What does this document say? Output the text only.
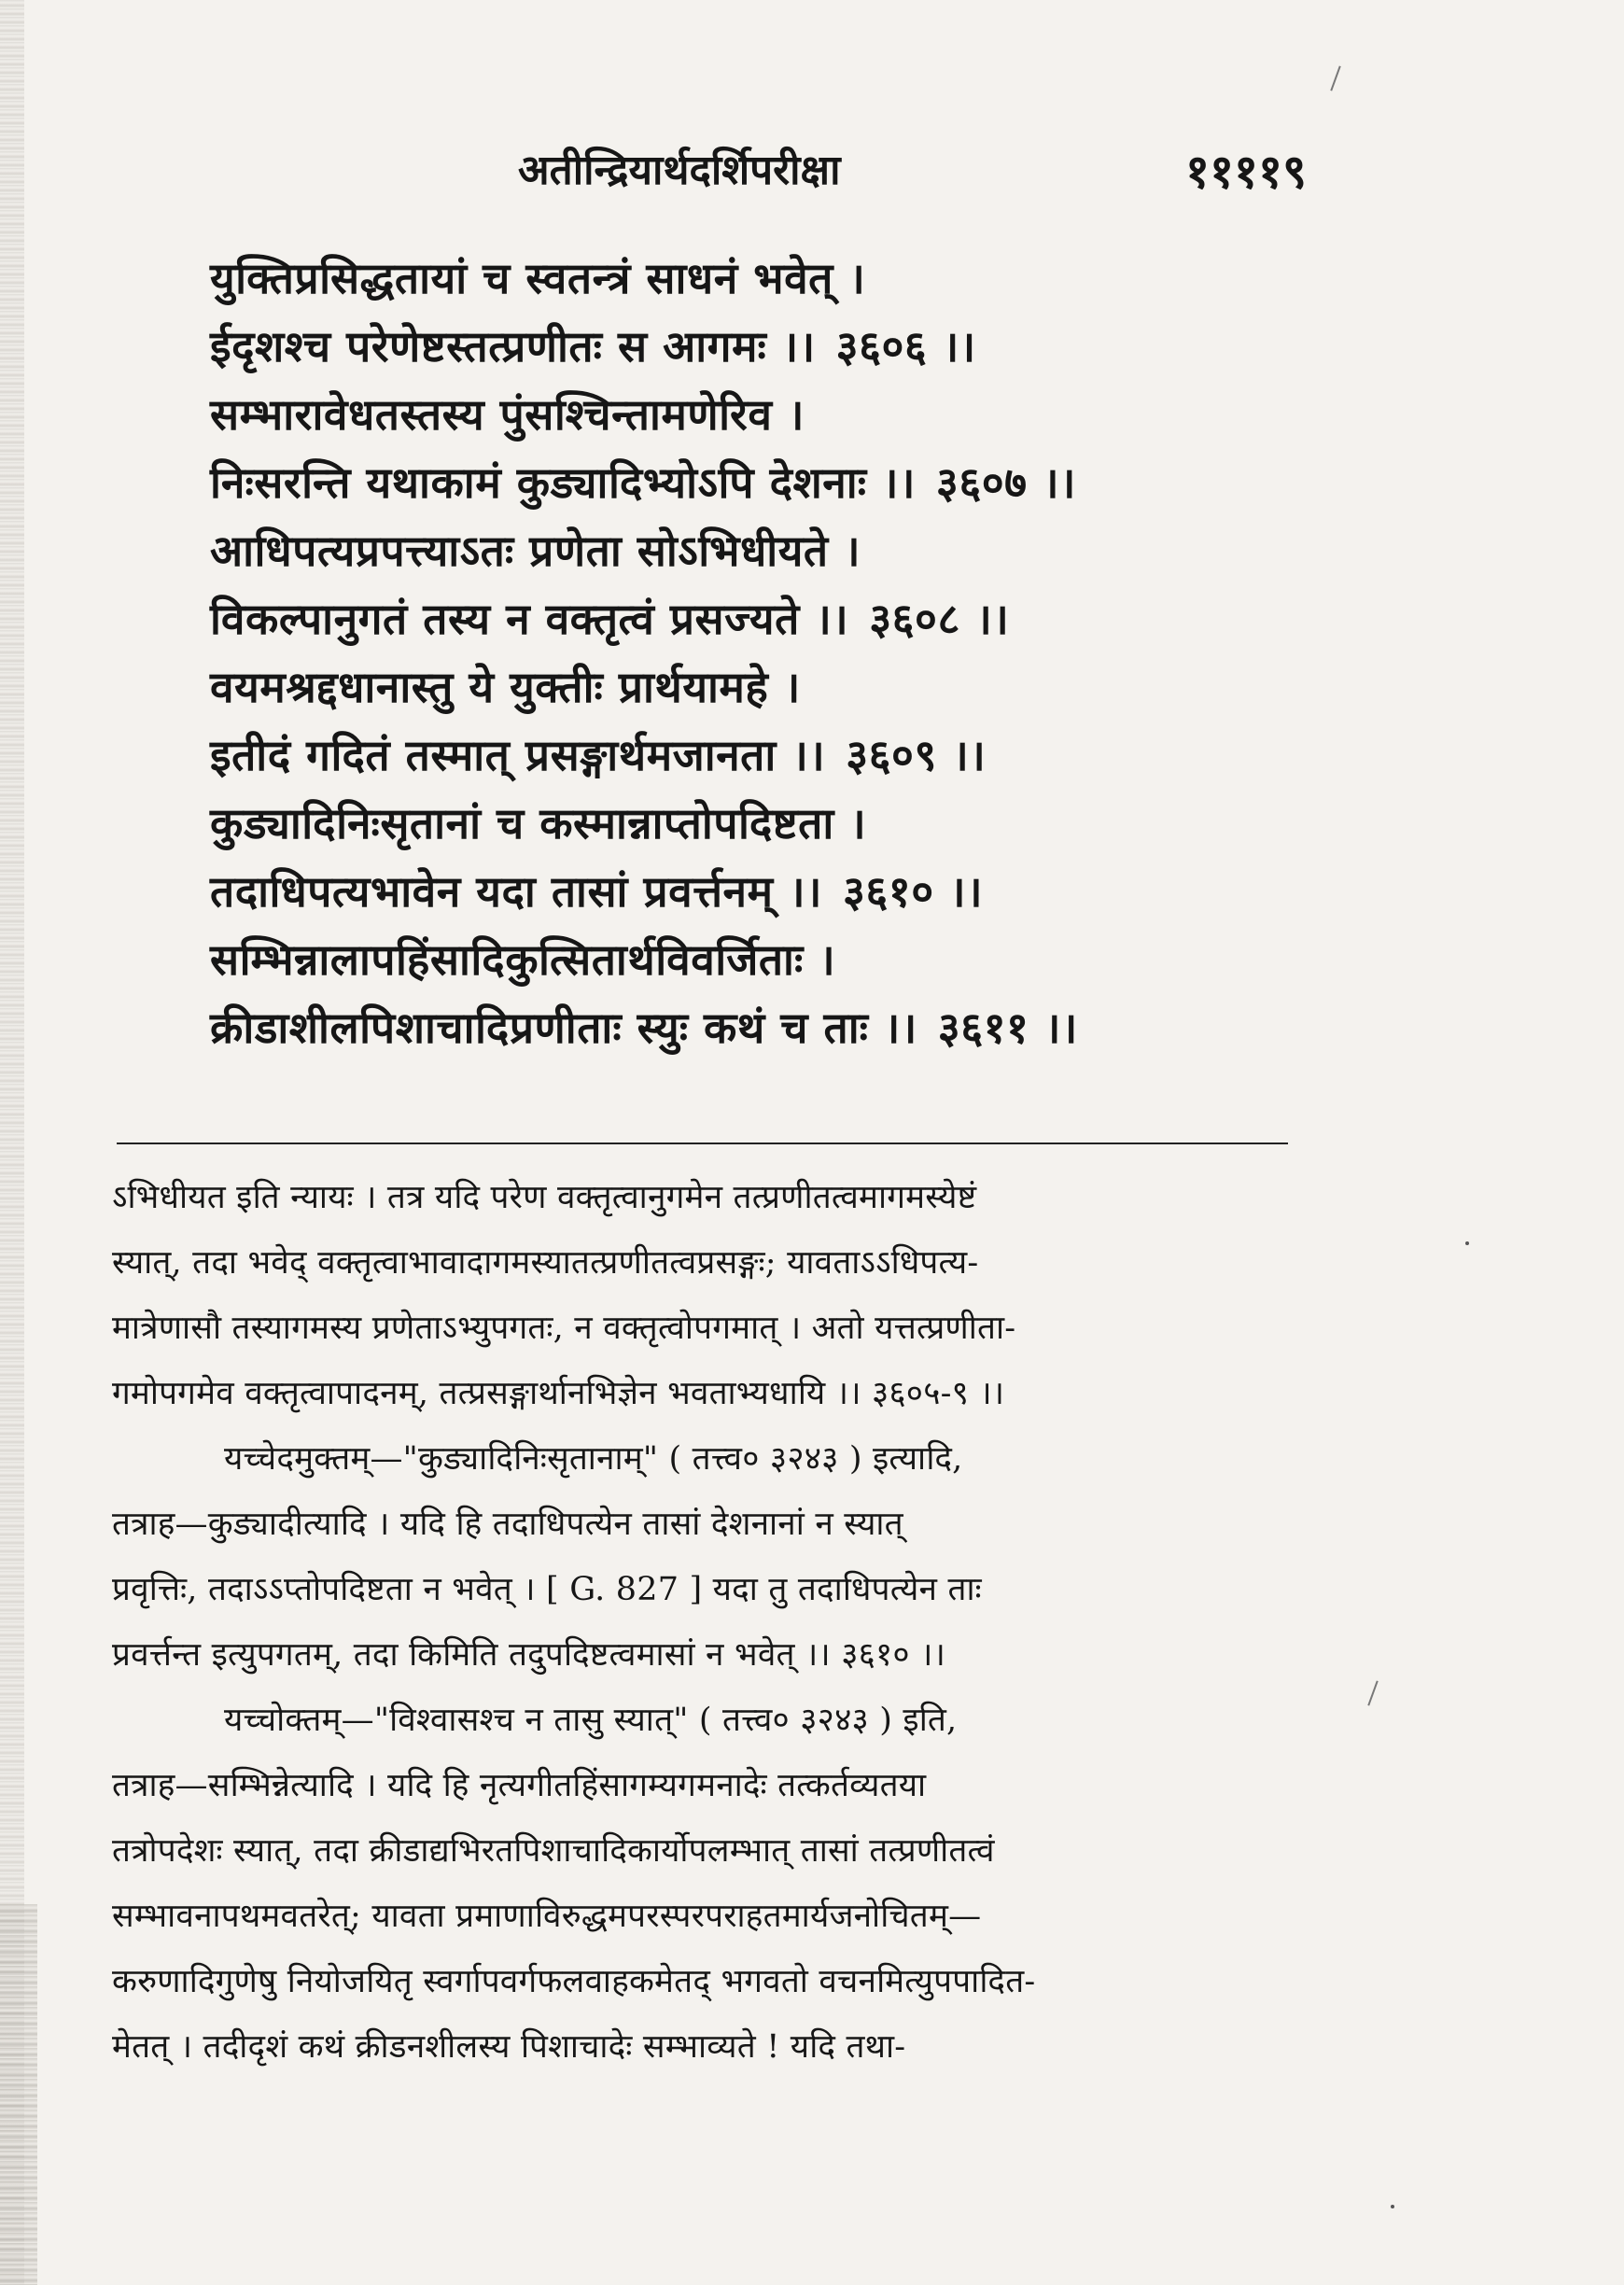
अतीन्द्रियार्थदर्शिपरीक्षा	११११९
युक्तिप्रसिद्धतायां च स्वतन्त्रं साधनं भवेत् ।
ईदृशश्च परेणेष्टस्तत्प्रणीतः स आगमः ।। ३६०६ ।।
सम्भारावेधतस्तस्य पुंसश्चिन्तामणेरिव ।
निःसरन्ति यथाकामं कुड्यादिभ्योऽपि देशनाः ।। ३६०७ ।।
आधिपत्यप्रपत्त्याऽतः प्रणेता सोऽभिधीयते ।
विकल्पानुगतं तस्य न वक्तृत्वं प्रसज्यते ।। ३६०८ ।।
वयमश्रद्दधानास्तु ये युक्तीः प्रार्थयामहे ।
इतीदं गदितं तस्मात् प्रसङ्गार्थमजानता ।। ३६०९ ।।
कुड्यादिनिःसृतानां च कस्मान्नाप्तोपदिष्टता ।
तदाधिपत्यभावेन यदा तासां प्रवर्त्तनम् ।। ३६१० ।।
सम्भिन्नालापहिंसादिकुत्सितार्थविवर्जिताः ।
क्रीडाशीलपिशाचादिप्रणीताः स्युः कथं च ताः ।। ३६११ ।।
ऽभिधीयत इति न्यायः । तत्र यदि परेण वक्तृत्वानुगमेन तत्प्रणीतत्वमागमस्येष्टं
स्यात्, तदा भवेद् वक्तृत्वाभावादागमस्यातत्प्रणीतत्वप्रसङ्गः; यावताऽऽधिपत्य-
मात्रेणासौ तस्यागमस्य प्रणेताऽभ्युपगतः, न वक्तृत्वोपगमात् । अतो यत्तत्प्रणीता-
गमोपगमेव वक्तृत्वापादनम्, तत्प्रसङ्गार्थानभिज्ञेन भवताभ्यधायि ।। ३६०५-९ ।।
यच्चेदमुक्तम्—"कुड्यादिनिःसृतानाम्" ( तत्त्व० ३२४३ ) इत्यादि,
तत्राह—कुड्यादीत्यादि । यदि हि तदाधिपत्येन तासां देशनानां न स्यात्
प्रवृत्तिः, तदाऽऽप्तोपदिष्टता न भवेत् । [ G. 827 ] यदा तु तदाधिपत्येन ताः
प्रवर्त्तन्त इत्युपगतम्, तदा किमिति तदुपदिष्टत्वमासां न भवेत् ।। ३६१० ।।
यच्चोक्तम्—"विश्वासश्च न तासु स्यात्" ( तत्त्व० ३२४३ ) इति,
तत्राह—सम्भिन्नेत्यादि । यदि हि नृत्यगीतहिंसागम्यगमनादेः तत्कर्तव्यतया
तत्रोपदेशः स्यात्, तदा क्रीडाद्यभिरतपिशाचादिकार्योपलम्भात् तासां तत्प्रणीतत्वं
सम्भावनापथमवतरेत्; यावता प्रमाणाविरुद्धमपरस्परपराहतमार्यजनोचितम्—
करुणादिगुणेषु नियोजयितृ स्वर्गापवर्गफलवाहकमेतद् भगवतो वचनमित्युपपादित-
मेतत् । तदीदृशं कथं क्रीडनशीलस्य पिशाचादेः सम्भाव्यते ! यदि तथा-
